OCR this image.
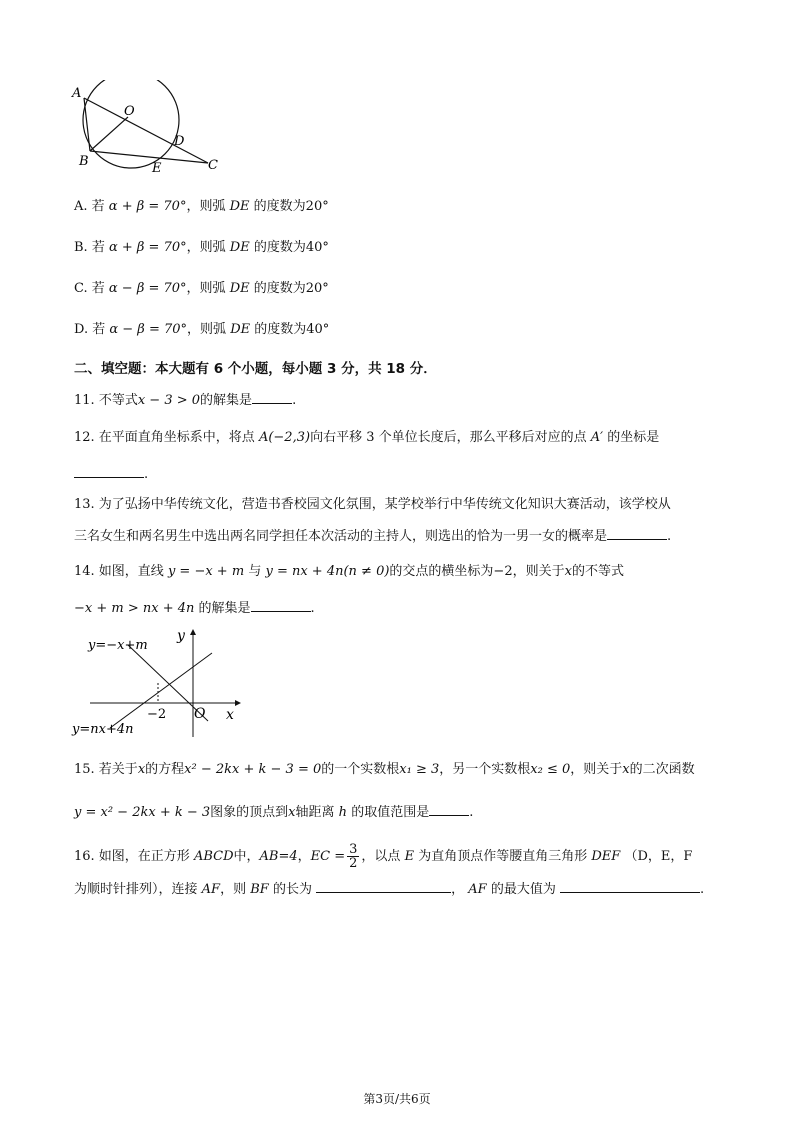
A
O
D
B	E	C
A. 若 α + β = 70°，则弧 DE 的度数为20°
B. 若 α + β = 70°，则弧 DE 的度数为40°
C. 若 α − β = 70°，则弧 DE 的度数为20°
D. 若 α − β = 70°，则弧 DE 的度数为40°
二、填空题：本大题有 6 个小题，每小题 3 分，共 18 分．
11. 不等式x − 3 > 0的解集是	.
12. 在平面直角坐标系中，将点 A(−2,3)向右平移 3 个单位长度后，那么平移后对应的点 A′ 的坐标是
.
13. 为了弘扬中华传统文化，营造书香校园文化氛围，某学校举行中华传统文化知识大赛活动，该学校从
三名女生和两名男生中选出两名同学担任本次活动的主持人，则选出的恰为一男一女的概率是	.
14. 如图，直线 y = −x + m 与 y = nx + 4n(n ≠ 0)的交点的横坐标为−2，则关于x的不等式
−x + m > nx + 4n 的解集是	.
y=−x+m
y=nx+4n
y
x
O
−2
15. 若关于x的方程x² − 2kx + k − 3 = 0的一个实数根x₁ ≥ 3，另一个实数根x₂ ≤ 0，则关于x的二次函数
y = x² − 2kx + k − 3图象的顶点到x轴距离 h 的取值范围是	.
16. 如图，在正方形 ABCD中，AB=4，EC = $\frac{3}{2}$ ，以点 E 为直角顶点作等腰直角三角形 DEF （D，E，F
为顺时针排列），连接 AF，则 BF 的长为	， AF 的最大值为	.
第3页/共6页
